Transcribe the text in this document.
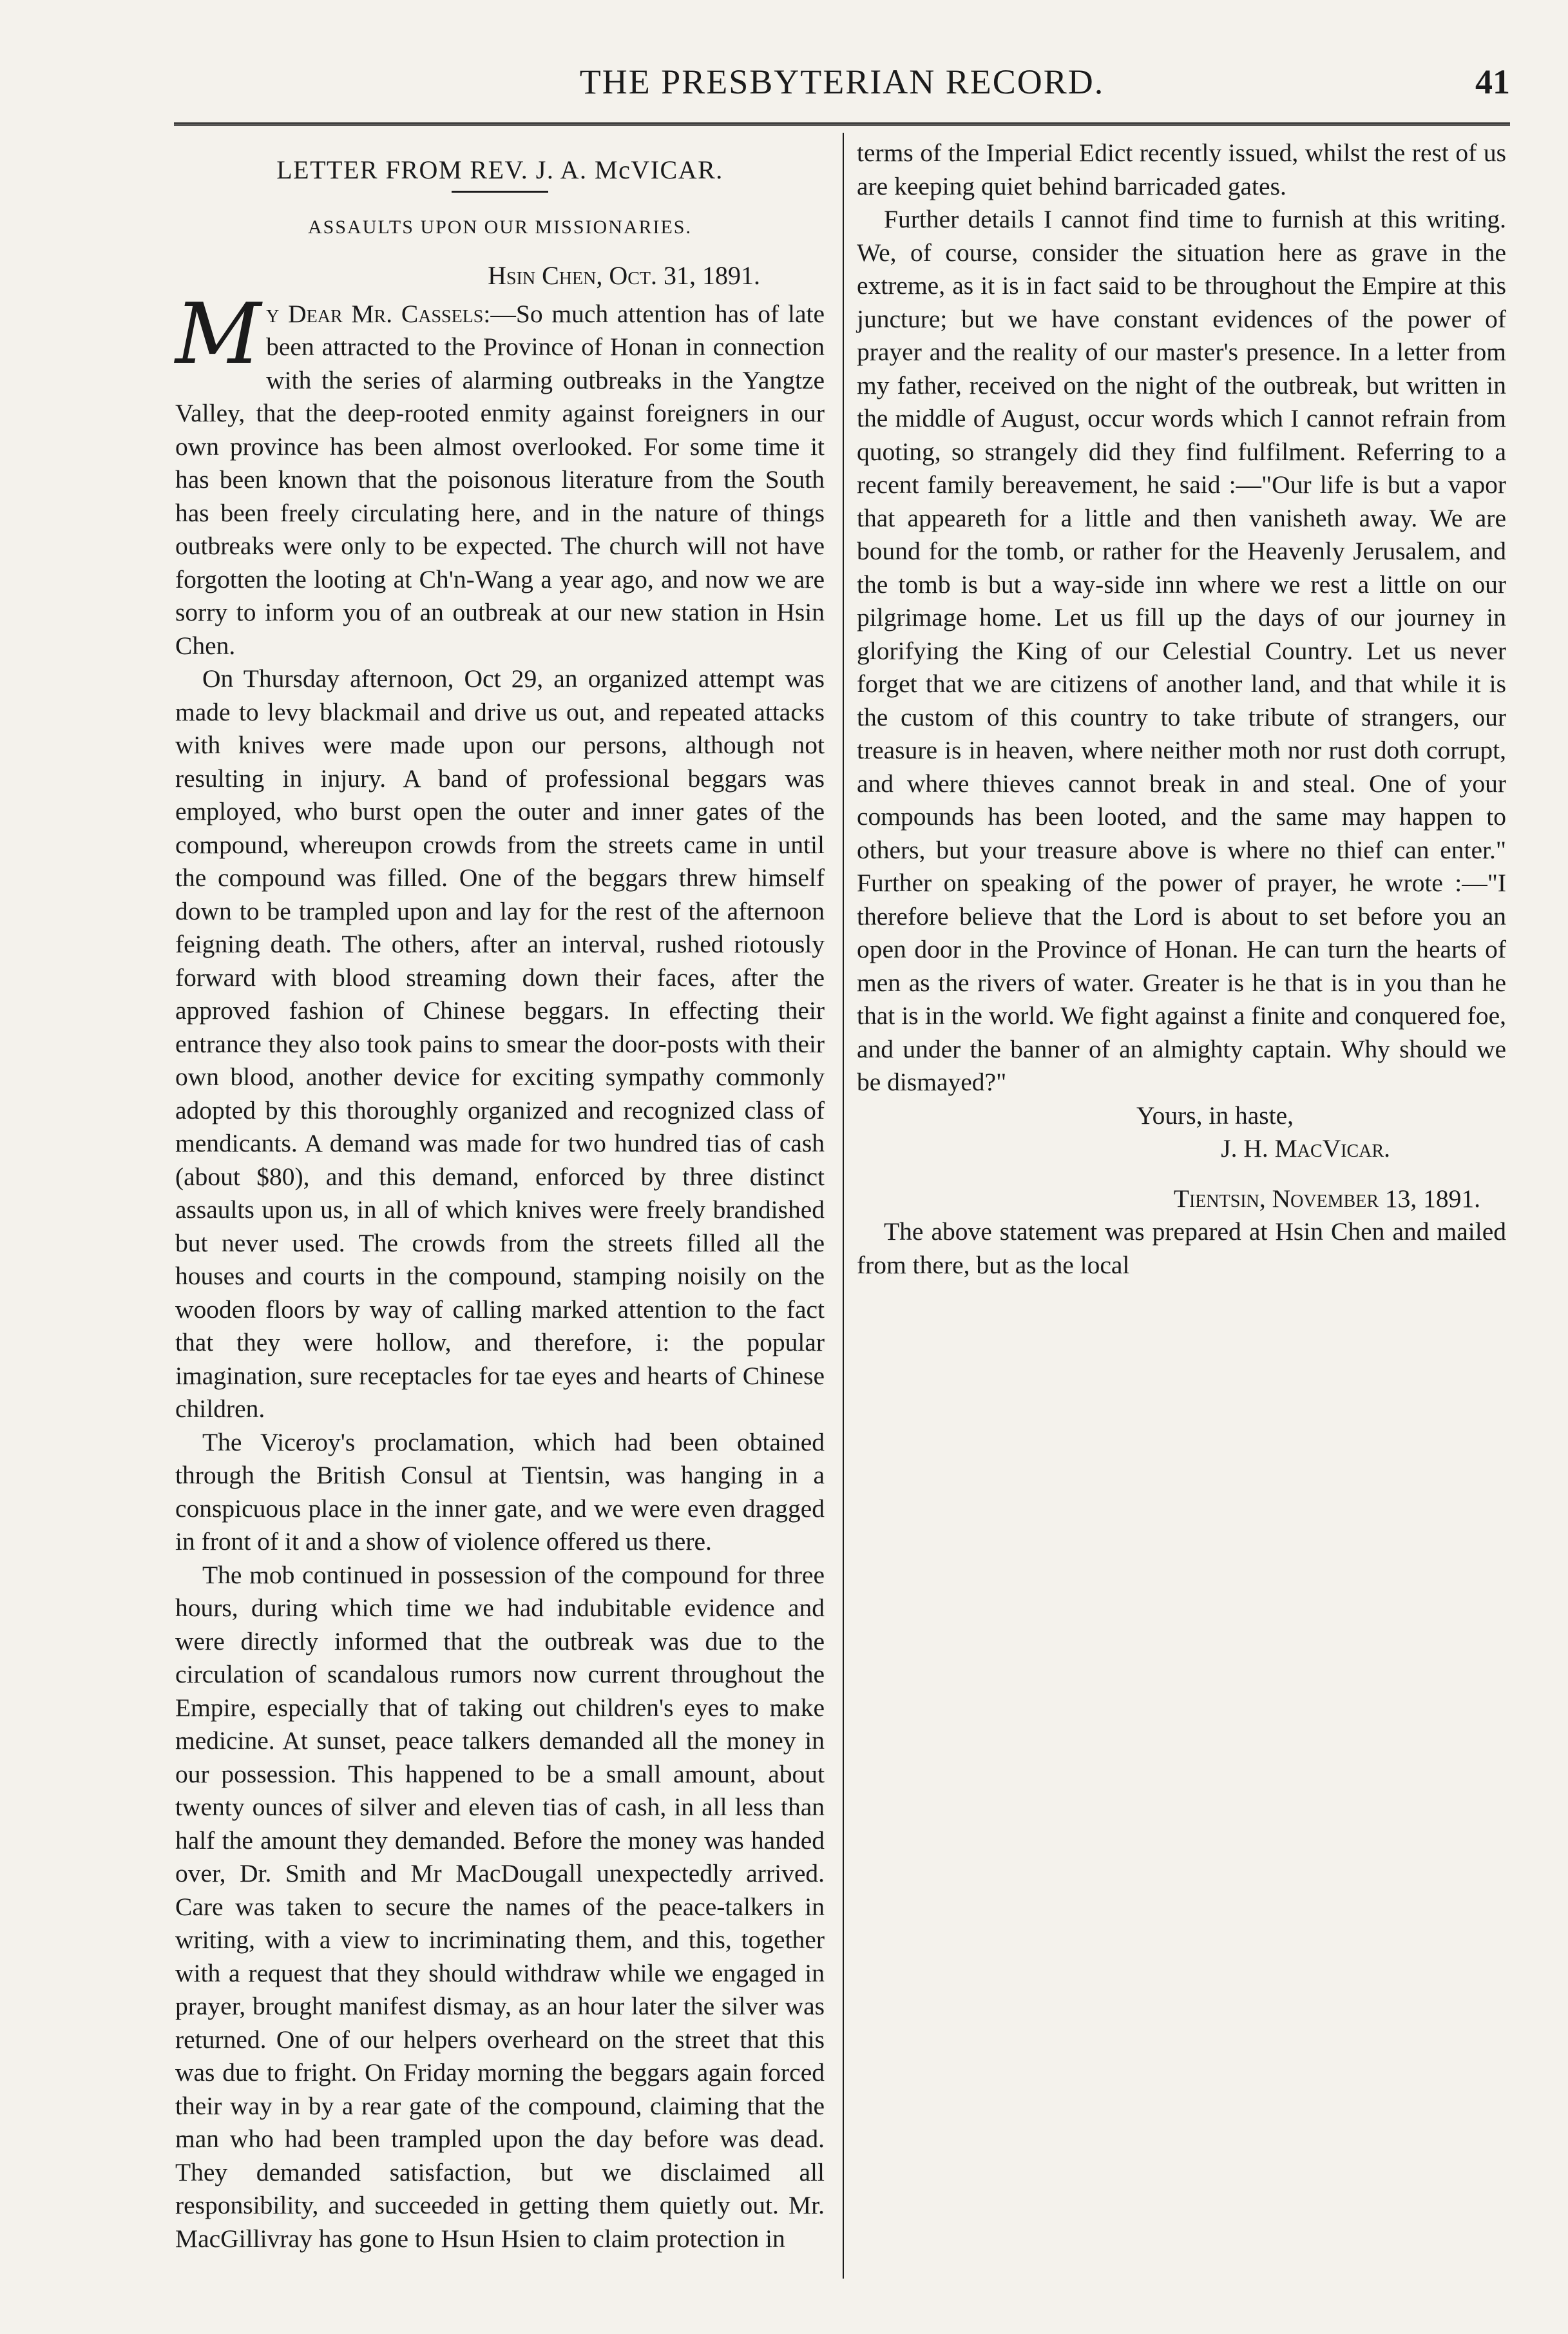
THE PRESBYTERIAN RECORD.	41
LETTER FROM REV. J. A. McVICAR.
ASSAULTS UPON OUR MISSIONARIES.
Hsin Chen, Oct. 31, 1891.

My Dear Mr. Cassels:—So much attention has of late been attracted to the Province of Honan in connection with the series of alarming outbreaks in the Yangtze Valley, that the deep-rooted enmity against foreigners in our own province has been almost overlooked. For some time it has been known that the poisonous literature from the South has been freely circulating here, and in the nature of things outbreaks were only to be expected. The church will not have forgotten the looting at Ch'n-Wang a year ago, and now we are sorry to inform you of an outbreak at our new station in Hsin Chen.

On Thursday afternoon, Oct 29, an organized attempt was made to levy blackmail and drive us out, and repeated attacks with knives were made upon our persons, although not resulting in injury. A band of professional beggars was employed, who burst open the outer and inner gates of the compound, whereupon crowds from the streets came in until the compound was filled. One of the beggars threw himself down to be trampled upon and lay for the rest of the afternoon feigning death. The others, after an interval, rushed riotously forward with blood streaming down their faces, after the approved fashion of Chinese beggars. In effecting their entrance they also took pains to smear the door-posts with their own blood, another device for exciting sympathy commonly adopted by this thoroughly organized and recognized class of mendicants. A demand was made for two hundred tias of cash (about $80), and this demand, enforced by three distinct assaults upon us, in all of which knives were freely brandished but never used. The crowds from the streets filled all the houses and courts in the compound, stamping noisily on the wooden floors by way of calling marked attention to the fact that they were hollow, and therefore, i: the popular imagination, sure receptacles for tae eyes and hearts of Chinese children.

The Viceroy's proclamation, which had been obtained through the British Consul at Tientsin, was hanging in a conspicuous place in the inner gate, and we were even dragged in front of it and a show of violence offered us there.

The mob continued in possession of the compound for three hours, during which time we had indubitable evidence and were directly informed that the outbreak was due to the circulation of scandalous rumors now current throughout the Empire, especially that of taking out children's eyes to make medicine. At sunset, peace talkers demanded all the money in our possession. This happened to be a small amount, about twenty ounces of silver and eleven tias of cash, in all less than half the amount they demanded. Before the money was handed over, Dr. Smith and Mr MacDougall unexpectedly arrived. Care was taken to secure the names of the peace-talkers in writing, with a view to incriminating them, and this, together with a request that they should withdraw while we engaged in prayer, brought manifest dismay, as an hour later the silver was returned. One of our helpers overheard on the street that this was due to fright. On Friday morning the beggars again forced their way in by a rear gate of the compound, claiming that the man who had been trampled upon the day before was dead. They demanded satisfaction, but we disclaimed all responsibility, and succeeded in getting them quietly out. Mr. MacGillivray has gone to Hsun Hsien to claim protection in

terms of the Imperial Edict recently issued, whilst the rest of us are keeping quiet behind barricaded gates.

Further details I cannot find time to furnish at this writing. We, of course, consider the situation here as grave in the extreme, as it is in fact said to be throughout the Empire at this juncture; but we have constant evidences of the power of prayer and the reality of our master's presence. In a letter from my father, received on the night of the outbreak, but written in the middle of August, occur words which I cannot refrain from quoting, so strangely did they find fulfilment. Referring to a recent family bereavement, he said :—"Our life is but a vapor that appeareth for a little and then vanisheth away. We are bound for the tomb, or rather for the Heavenly Jerusalem, and the tomb is but a way-side inn where we rest a little on our pilgrimage home. Let us fill up the days of our journey in glorifying the King of our Celestial Country. Let us never forget that we are citizens of another land, and that while it is the custom of this country to take tribute of strangers, our treasure is in heaven, where neither moth nor rust doth corrupt, and where thieves cannot break in and steal. One of your compounds has been looted, and the same may happen to others, but your treasure above is where no thief can enter." Further on speaking of the power of prayer, he wrote :—"I therefore believe that the Lord is about to set before you an open door in the Province of Honan. He can turn the hearts of men as the rivers of water. Greater is he that is in you than he that is in the world. We fight against a finite and conquered foe, and under the banner of an almighty captain. Why should we be dismayed?"

Yours, in haste,
J. H. MacVicar.

Tientsin, November 13, 1891.

The above statement was prepared at Hsin Chen and mailed from there, but as the local
